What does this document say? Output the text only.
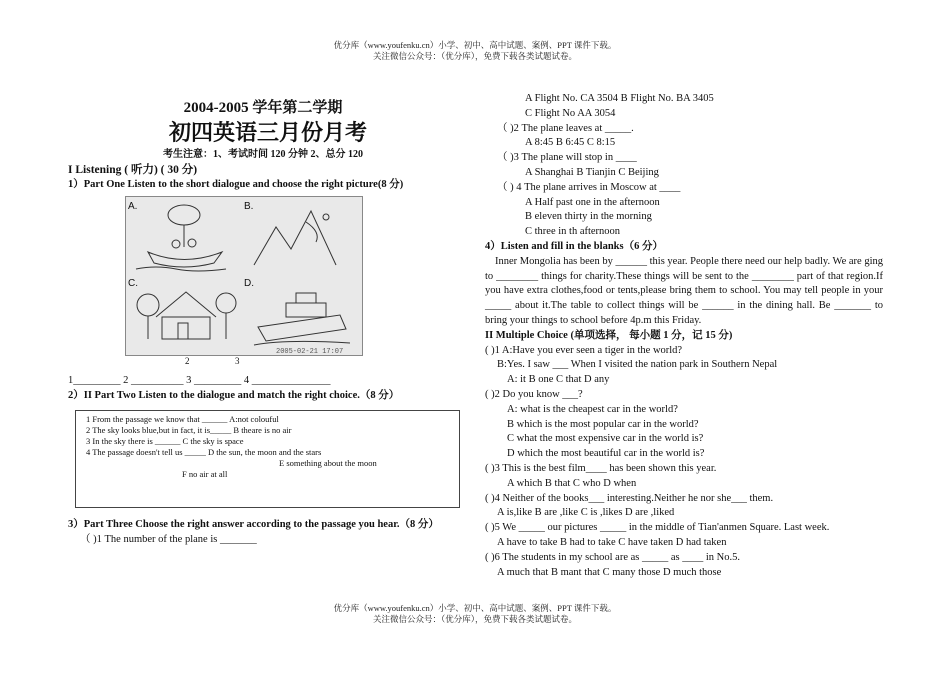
优分库（www.youfenku.cn）小学、初中、高中试题、案例、PPT 课件下载。
关注微信公众号：（优分库），免费下载各类试题试卷。
2004-2005 学年第二学期
初四英语三月份月考
考生注意：1、考试时间 120 分钟 2、总分 120

I Listening ( 听力) ( 30 分)

1）Part One Listen to the short dialogue and choose the right picture(8 分)

A.	B.
C.	D.
2005-02-21 17:07
2	3

1_________ 2 __________ 3 _________ 4 _______________

2）II Part Two Listen to the dialogue and match the right choice.（8 分）

1 From the passage we know that ______ A:not colouful

2 The sky looks blue,but in fact, it is_____ B theare is no air

3 In the sky there is ______ C the sky is space

4 The passage doesn't tell us _____ D the sun, the moon and the stars

E something about the moon

F no air at all

3）Part Three Choose the right answer according to the passage you hear.（8 分）

（ )1 The number of the plane is _______

A Flight No. CA 3504 B Flight No. BA 3405

C Flight No AA 3054

（ )2 The plane leaves at _____.

A 8:45 B 6:45 C 8:15

（ )3 The plane will stop in ____

A Shanghai B Tianjin C Beijing

（ ) 4 The plane arrives in Moscow at ____

A Half past one in the afternoon

B eleven thirty in the morning

C three in th afternoon

4）Listen and fill in the blanks（6 分）

Inner Mongolia has been by ______ this year. People there need our help badly. We are ging to ________ things for charity.These things will be sent to the ________ part of that region.If you have extra clothes,food or tents,please bring them to school. You may tell people in your _____ about it.The table to collect things will be ______ in the dining hall. Be _______ to bring your things to school before 4p.m this Friday.

II Multiple Choice (单项选择， 每小题 1 分，记 15 分)

( )1 A:Have you ever seen a tiger in the world?

B:Yes. I saw ___ When I visited the nation park in Southern Nepal

A: it B one C that D any

( )2 Do you know ___?

A: what is the cheapest car in the world?

B which is the most popular car in the world?

C what the most expensive car in the world is?

D which the most beautiful car in the world is?

( )3 This is the best film____ has been shown this year.

A which B that C who D when

( )4 Neither of the books___ interesting.Neither he nor she___ them.

A is,like B are ,like C is ,likes D are ,liked

( )5 We _____ our pictures _____ in the middle of Tian'anmen Square. Last week.

A have to take B had to take C have taken D had taken

( )6 The students in my school are as _____ as ____ in No.5.

A much that B mant that C many those D much those

优分库（www.youfenku.cn）小学、初中、高中试题、案例、PPT 课件下载。
关注微信公众号：（优分库），免费下载各类试题试卷。
